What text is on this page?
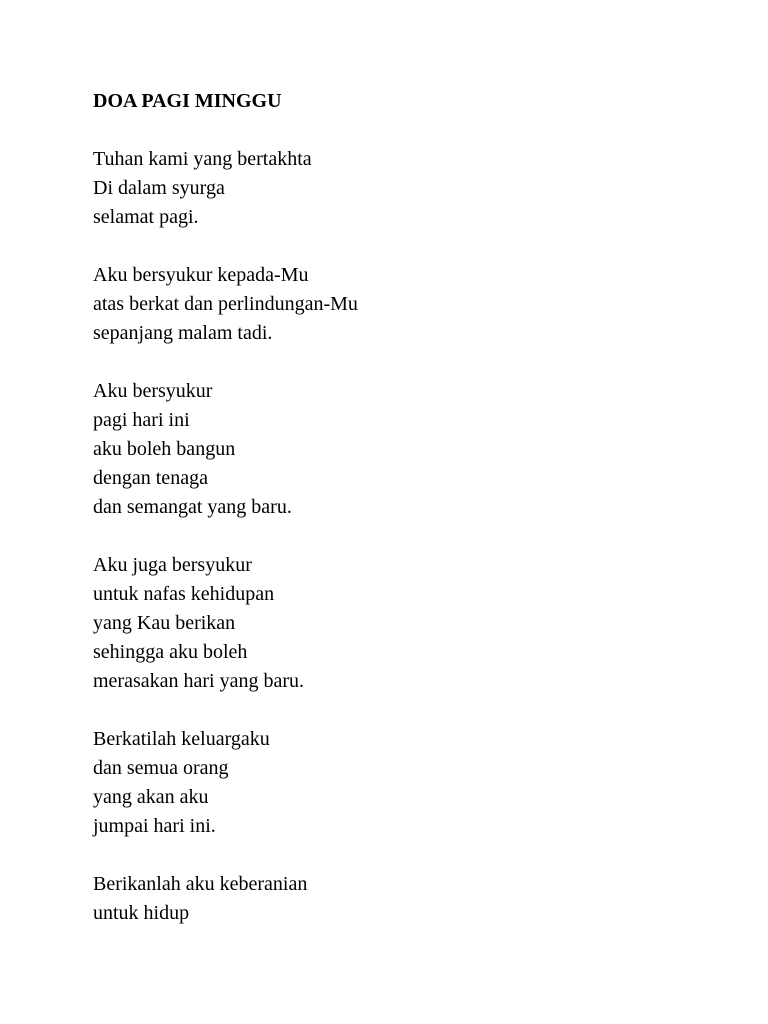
DOA PAGI MINGGU
Tuhan kami yang bertakhta
Di dalam syurga
selamat pagi.
Aku bersyukur kepada-Mu
atas berkat dan perlindungan-Mu
sepanjang malam tadi.
Aku bersyukur
pagi hari ini
aku boleh bangun
dengan tenaga
dan semangat yang baru.
Aku juga bersyukur
untuk nafas kehidupan
yang Kau berikan
sehingga aku boleh
merasakan hari yang baru.
Berkatilah keluargaku
dan semua orang
yang akan aku
jumpai hari ini.
Berikanlah aku keberanian
untuk hidup
